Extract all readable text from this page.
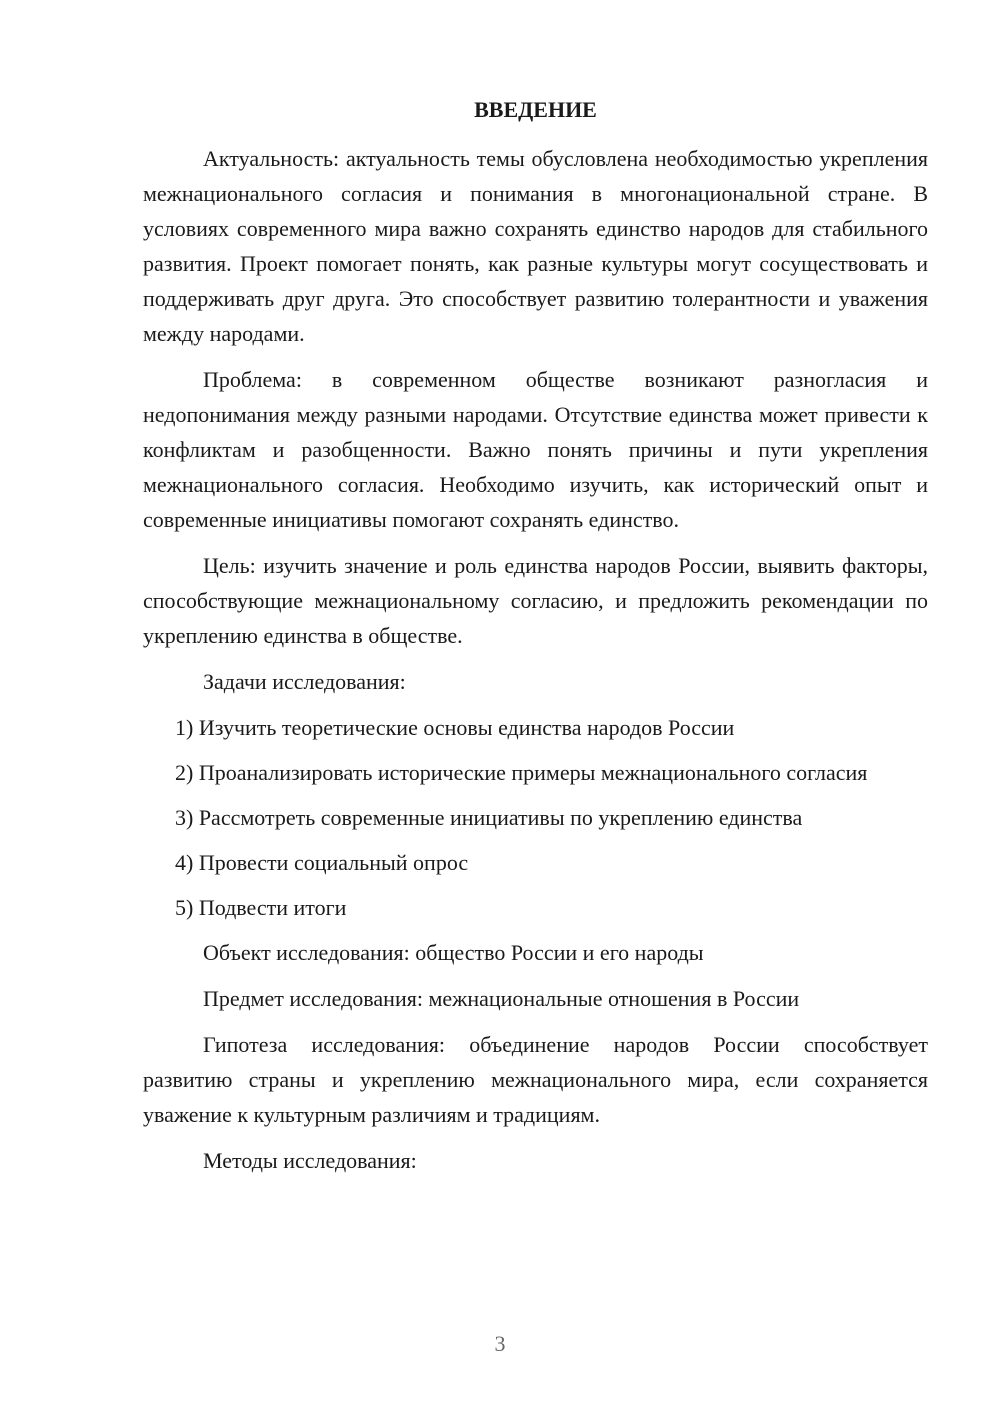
ВВЕДЕНИЕ

Актуальность: актуальность темы обусловлена необходимостью укрепления межнационального согласия и понимания в многонациональной стране. В условиях современного мира важно сохранять единство народов для стабильного развития. Проект помогает понять, как разные культуры могут сосуществовать и поддерживать друг друга. Это способствует развитию толерантности и уважения между народами.

Проблема: в современном обществе возникают разногласия и недопонимания между разными народами. Отсутствие единства может привести к конфликтам и разобщенности. Важно понять причины и пути укрепления межнационального согласия. Необходимо изучить, как исторический опыт и современные инициативы помогают сохранять единство.

Цель: изучить значение и роль единства народов России, выявить факторы, способствующие межнациональному согласию, и предложить рекомендации по укреплению единства в обществе.

Задачи исследования:

1) Изучить теоретические основы единства народов России

2) Проанализировать исторические примеры межнационального согласия

3) Рассмотреть современные инициативы по укреплению единства

4) Провести социальный опрос

5) Подвести итоги

Объект исследования: общество России и его народы

Предмет исследования: межнациональные отношения в России

Гипотеза исследования: объединение народов России способствует развитию страны и укреплению межнационального мира, если сохраняется уважение к культурным различиям и традициям.

Методы исследования:

3
